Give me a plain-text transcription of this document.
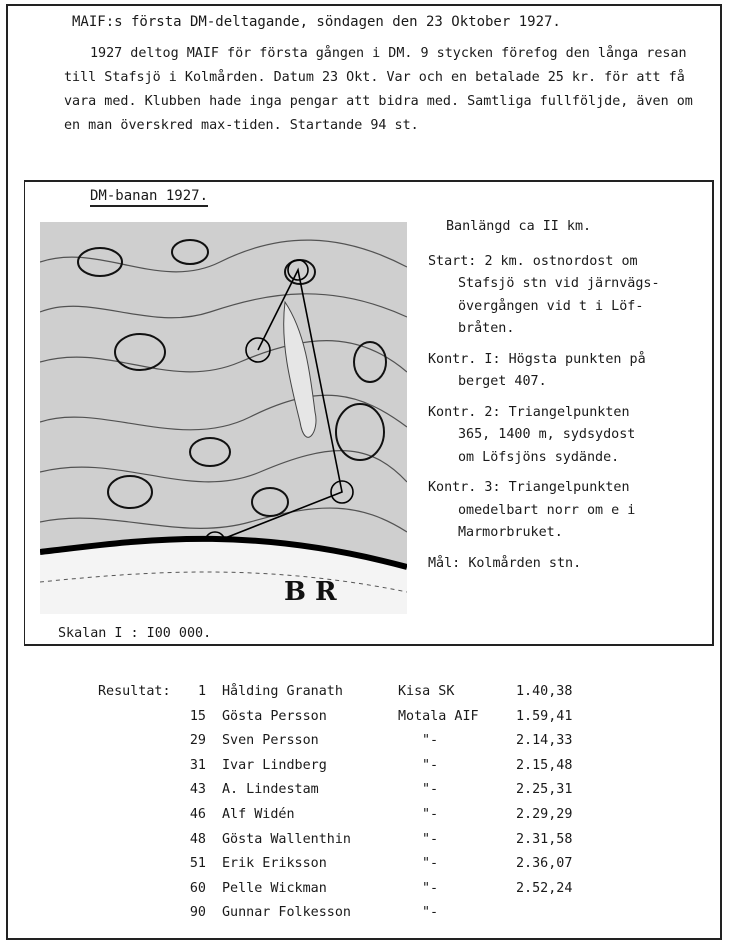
MAIF:s första DM-deltagande, söndagen den 23 Oktober 1927.

1927 deltog MAIF för första gången i DM. 9 stycken förefog den långa resan till Stafsjö i Kolmården. Datum 23 Okt. Var och en betalade 25 kr. för att få vara med. Klubben hade inga pengar att bidra med. Samtliga fullföljde, även om en man överskred max-tiden. Startande 94 st.

DM-banan 1927.
B R
Skalan I : I00 000.
Banlängd ca II km.
Start: 2 km. ostnordost om
Stafsjö stn vid järnvägs-
övergången vid t i Löf-
bråten.
Kontr. I: Högsta punkten på
berget 407.
Kontr. 2: Triangelpunkten
365, 1400 m, sydsydost
om Löfsjöns sydände.
Kontr. 3: Triangelpunkten
omedelbart norr om e i
Marmorbruket.
Mål: Kolmården stn.
Resultat:	1 Hålding Granath	Kisa SK	1.40,38
15 Gösta Persson	Motala AIF	1.59,41
29 Sven Persson	"-	2.14,33
31 Ivar Lindberg	"-	2.15,48
43 A. Lindestam	"-	2.25,31
46 Alf Widén	"-	2.29,29
48 Gösta Wallenthin	"-	2.31,58
51 Erik Eriksson	"-	2.36,07
60 Pelle Wickman	"-	2.52,24
90 Gunnar Folkesson	"-
